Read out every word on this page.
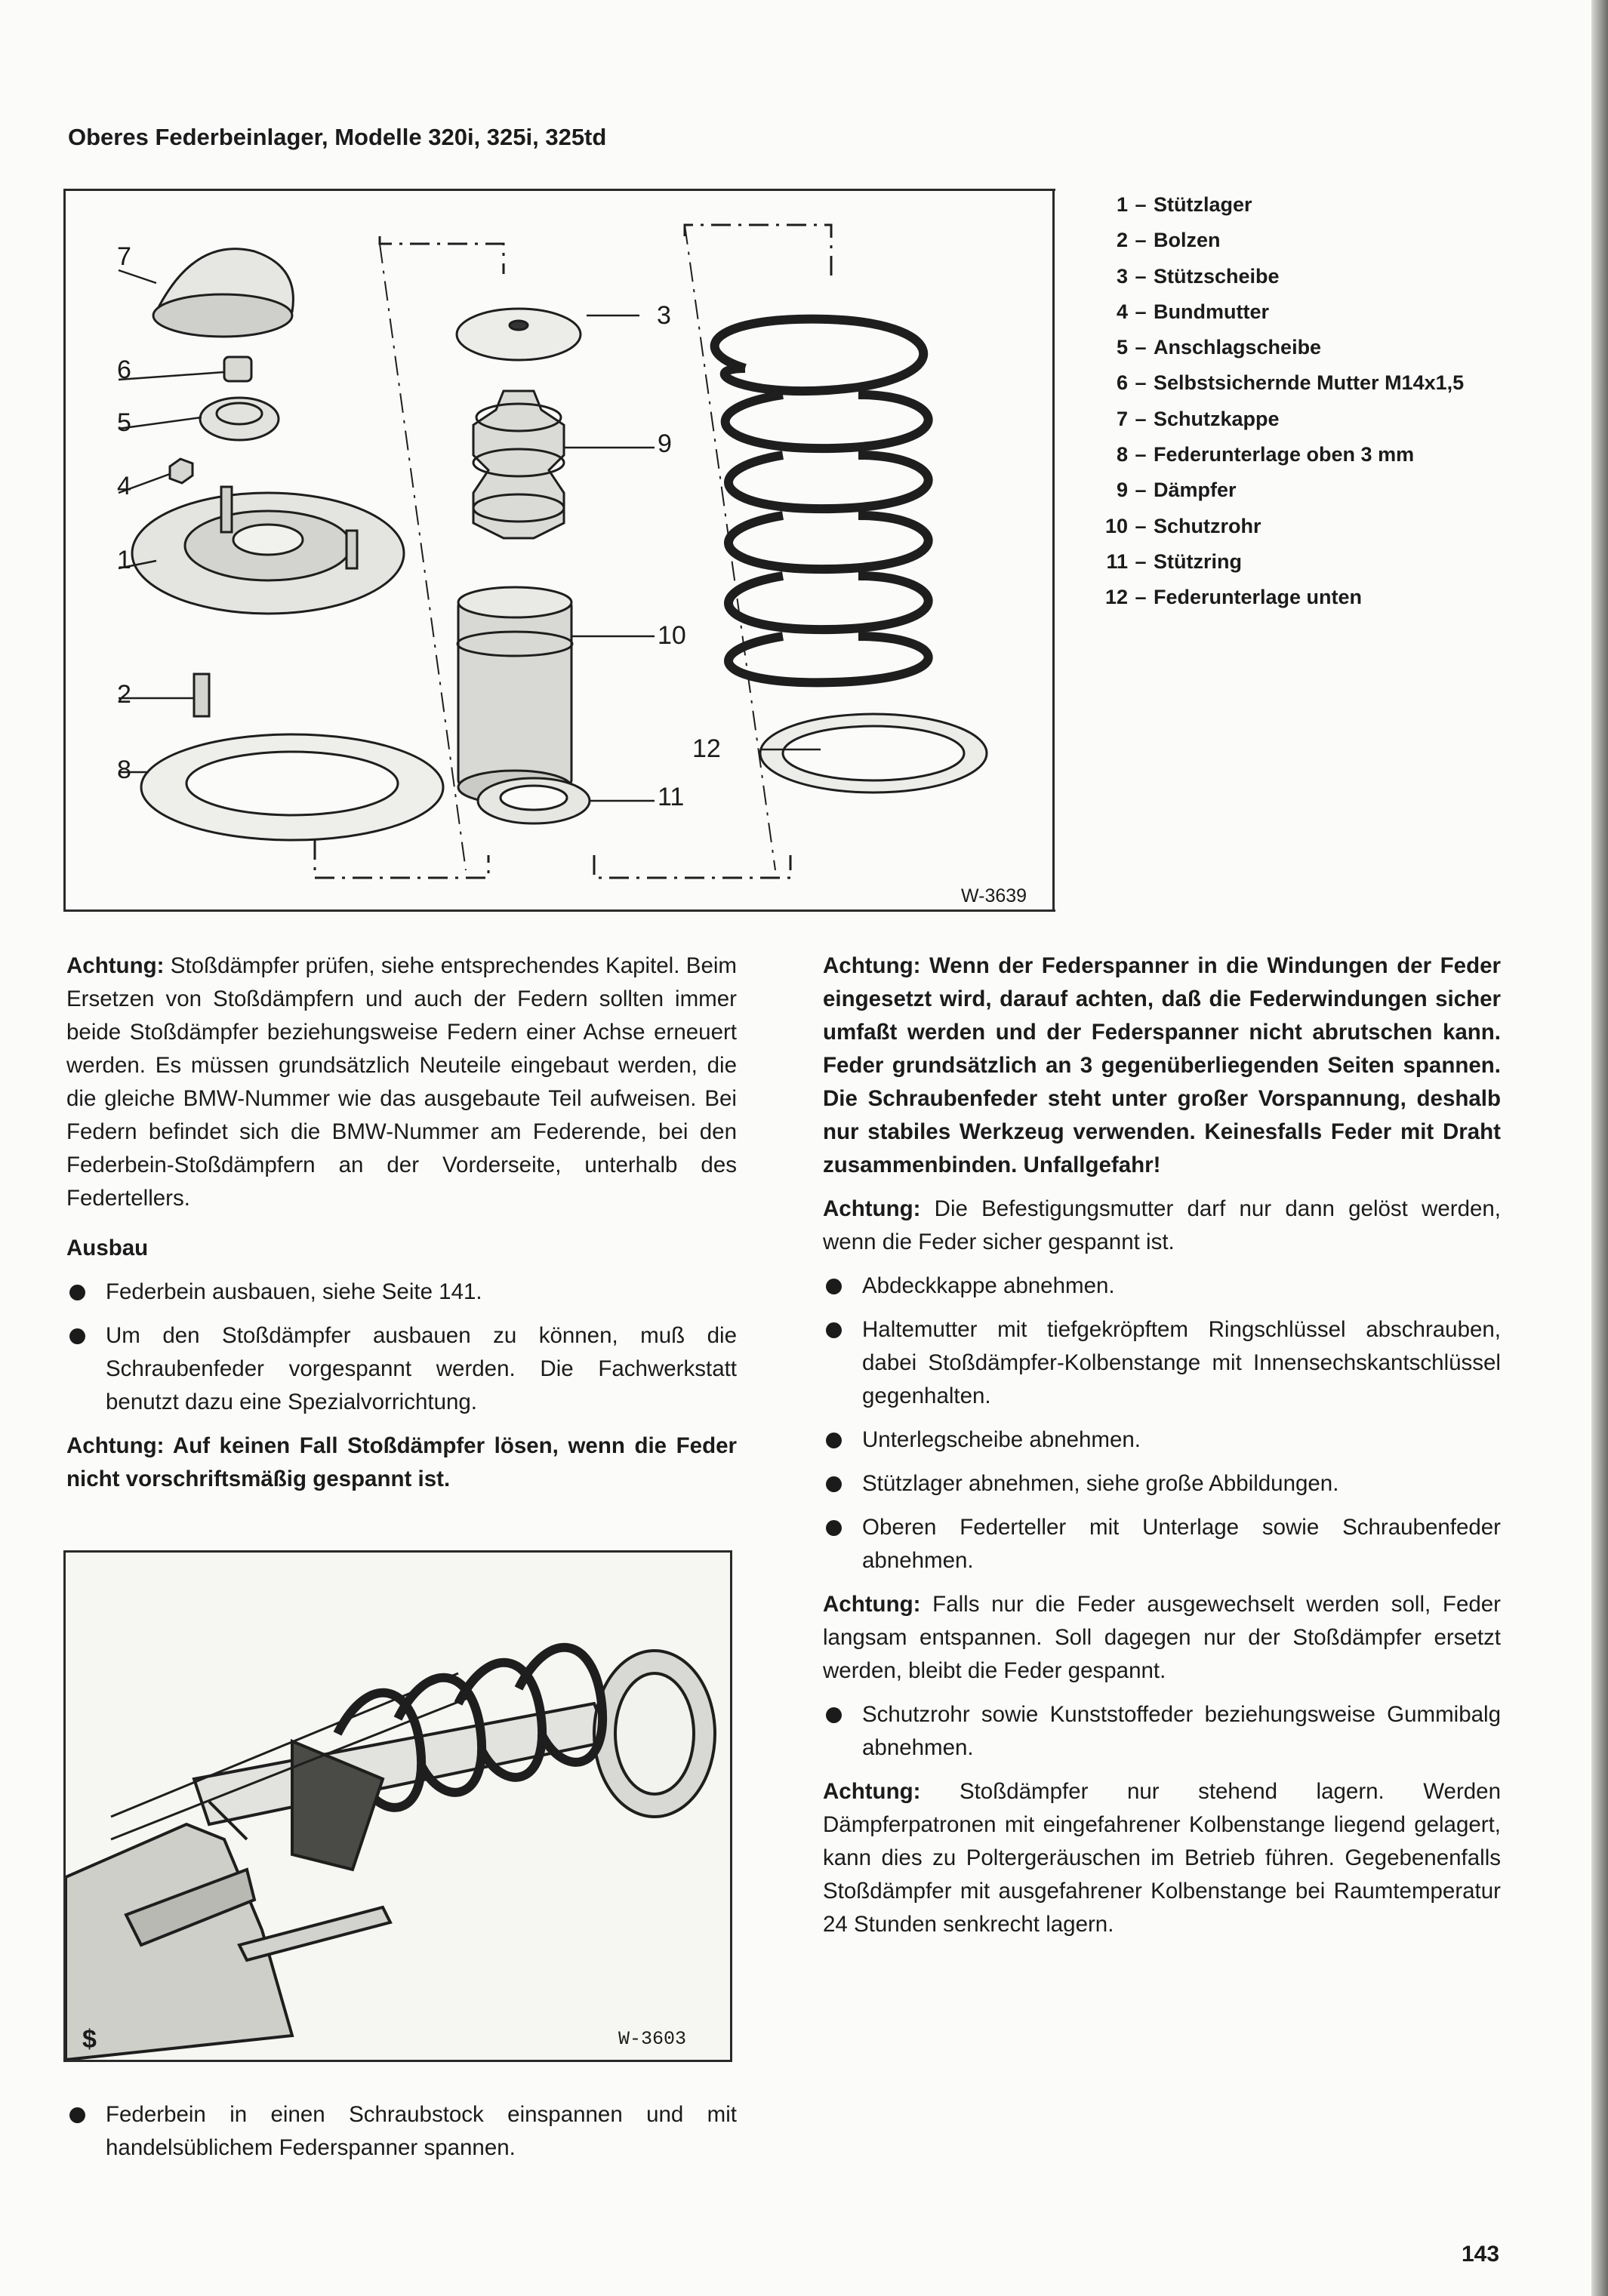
Oberes Federbeinlager, Modelle 320i, 325i, 325td
7
6
5
4
1
2
8
3
9
10
12
11
W-3639
1 – Stützlager
2 – Bolzen
3 – Stützscheibe
4 – Bundmutter
5 – Anschlagscheibe
6 – Selbstsichernde Mutter M14x1,5
7 – Schutzkappe
8 – Federunterlage oben 3 mm
9 – Dämpfer
10 – Schutzrohr
11 – Stützring
12 – Federunterlage unten

Achtung: Stoßdämpfer prüfen, siehe entsprechendes Kapitel. Beim Ersetzen von Stoßdämpfern und auch der Federn sollten immer beide Stoßdämpfer beziehungsweise Federn einer Achse erneuert werden. Es müssen grundsätzlich Neuteile eingebaut werden, die die gleiche BMW-Nummer wie das ausgebaute Teil aufweisen. Bei Federn befindet sich die BMW-Nummer am Federende, bei den Federbein-Stoßdämpfern an der Vorderseite, unterhalb des Federtellers.

Ausbau
Federbein ausbauen, siehe Seite 141.
Um den Stoßdämpfer ausbauen zu können, muß die Schraubenfeder vorgespannt werden. Die Fachwerkstatt benutzt dazu eine Spezialvorrichtung.

Achtung: Auf keinen Fall Stoßdämpfer lösen, wenn die Feder nicht vorschriftsmäßig gespannt ist.

$	W-3603
Federbein in einen Schraubstock einspannen und mit handelsüblichem Federspanner spannen.

Achtung: Wenn der Federspanner in die Windungen der Feder eingesetzt wird, darauf achten, daß die Federwindungen sicher umfaßt werden und der Federspanner nicht abrutschen kann. Feder grundsätzlich an 3 gegenüberliegenden Seiten spannen. Die Schraubenfeder steht unter großer Vorspannung, deshalb nur stabiles Werkzeug verwenden. Keinesfalls Feder mit Draht zusammenbinden. Unfallgefahr!

Achtung: Die Befestigungsmutter darf nur dann gelöst werden, wenn die Feder sicher gespannt ist.

Abdeckkappe abnehmen.
Haltemutter mit tiefgekröpftem Ringschlüssel abschrauben, dabei Stoßdämpfer-Kolbenstange mit Innensechskantschlüssel gegenhalten.
Unterlegscheibe abnehmen.
Stützlager abnehmen, siehe große Abbildungen.
Oberen Federteller mit Unterlage sowie Schraubenfeder abnehmen.

Achtung: Falls nur die Feder ausgewechselt werden soll, Feder langsam entspannen. Soll dagegen nur der Stoßdämpfer ersetzt werden, bleibt die Feder gespannt.

Schutzrohr sowie Kunststoffeder beziehungsweise Gummibalg abnehmen.

Achtung: Stoßdämpfer nur stehend lagern. Werden Dämpferpatronen mit eingefahrener Kolbenstange liegend gelagert, kann dies zu Poltergeräuschen im Betrieb führen. Gegebenenfalls Stoßdämpfer mit ausgefahrener Kolbenstange bei Raumtemperatur 24 Stunden senkrecht lagern.

143
